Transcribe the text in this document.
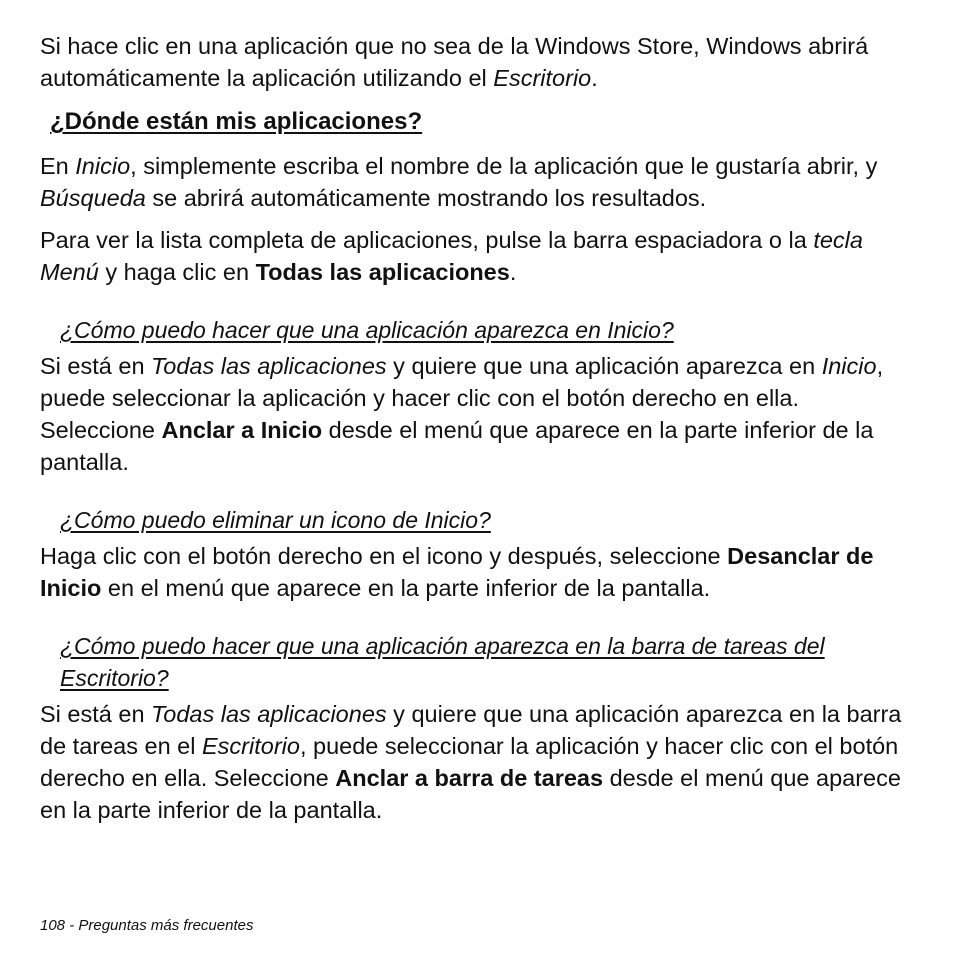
Si hace clic en una aplicación que no sea de la Windows Store, Windows abrirá automáticamente la aplicación utilizando el Escritorio.

¿Dónde están mis aplicaciones?

En Inicio, simplemente escriba el nombre de la aplicación que le gustaría abrir, y Búsqueda se abrirá automáticamente mostrando los resultados.

Para ver la lista completa de aplicaciones, pulse la barra espaciadora o la tecla Menú y haga clic en Todas las aplicaciones.

¿Cómo puedo hacer que una aplicación aparezca en Inicio?

Si está en Todas las aplicaciones y quiere que una aplicación aparezca en Inicio, puede seleccionar la aplicación y hacer clic con el botón derecho en ella. Seleccione Anclar a Inicio desde el menú que aparece en la parte inferior de la pantalla.

¿Cómo puedo eliminar un icono de Inicio?

Haga clic con el botón derecho en el icono y después, seleccione Desanclar de Inicio en el menú que aparece en la parte inferior de la pantalla.

¿Cómo puedo hacer que una aplicación aparezca en la barra de tareas del Escritorio?

Si está en Todas las aplicaciones y quiere que una aplicación aparezca en la barra de tareas en el Escritorio, puede seleccionar la aplicación y hacer clic con el botón derecho en ella. Seleccione Anclar a barra de tareas desde el menú que aparece en la parte inferior de la pantalla.

108 - Preguntas más frecuentes
